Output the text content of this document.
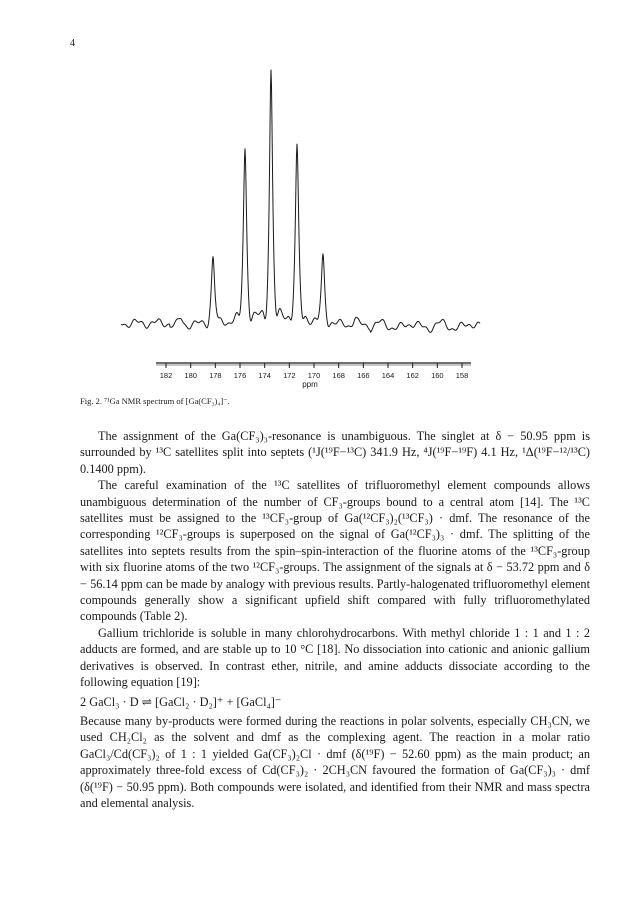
4
182 180 178 176 174 172 170 168 166 164 162 160 158
ppm
Fig. 2. ⁷¹Ga NMR spectrum of [Ga(CF₃)₄]⁻.

The assignment of the Ga(CF₃)₃-resonance is unambiguous. The singlet at δ − 50.95 ppm is surrounded by ¹³C satellites split into septets (¹J(¹⁹F−¹³C) 341.9 Hz, ⁴J(¹⁹F−¹⁹F) 4.1 Hz, ¹Δ(¹⁹F−¹²/¹³C) 0.1400 ppm).

The careful examination of the ¹³C satellites of trifluoromethyl element compounds allows unambiguous determination of the number of CF₃-groups bound to a central atom [14]. The ¹³C satellites must be assigned to the ¹³CF₃-group of Ga(¹²CF₃)₂(¹³CF₃) · dmf. The resonance of the corresponding ¹²CF₃-groups is superposed on the signal of Ga(¹²CF₃)₃ · dmf. The splitting of the satellites into septets results from the spin–spin-interaction of the fluorine atoms of the ¹³CF₃-group with six fluorine atoms of the two ¹²CF₃-groups. The assignment of the signals at δ − 53.72 ppm and δ − 56.14 ppm can be made by analogy with previous results. Partly-halogenated trifluoromethyl element compounds generally show a significant upfield shift compared with fully trifluoromethylated compounds (Table 2).

Gallium trichloride is soluble in many chlorohydrocarbons. With methyl chloride 1 : 1 and 1 : 2 adducts are formed, and are stable up to 10 °C [18]. No dissociation into cationic and anionic gallium derivatives is observed. In contrast ether, nitrile, and amine adducts dissociate according to the following equation [19]:

2 GaCl₃ · D ⇌ [GaCl₂ · D₂]⁺ + [GaCl₄]⁻

Because many by-products were formed during the reactions in polar solvents, especially CH₃CN, we used CH₂Cl₂ as the solvent and dmf as the complexing agent. The reaction in a molar ratio GaCl₃/Cd(CF₃)₂ of 1 : 1 yielded Ga(CF₃)₂Cl · dmf (δ(¹⁹F) − 52.60 ppm) as the main product; an approximately three-fold excess of Cd(CF₃)₂ · 2CH₃CN favoured the formation of Ga(CF₃)₃ · dmf (δ(¹⁹F) − 50.95 ppm). Both compounds were isolated, and identified from their NMR and mass spectra and elemental analysis.
